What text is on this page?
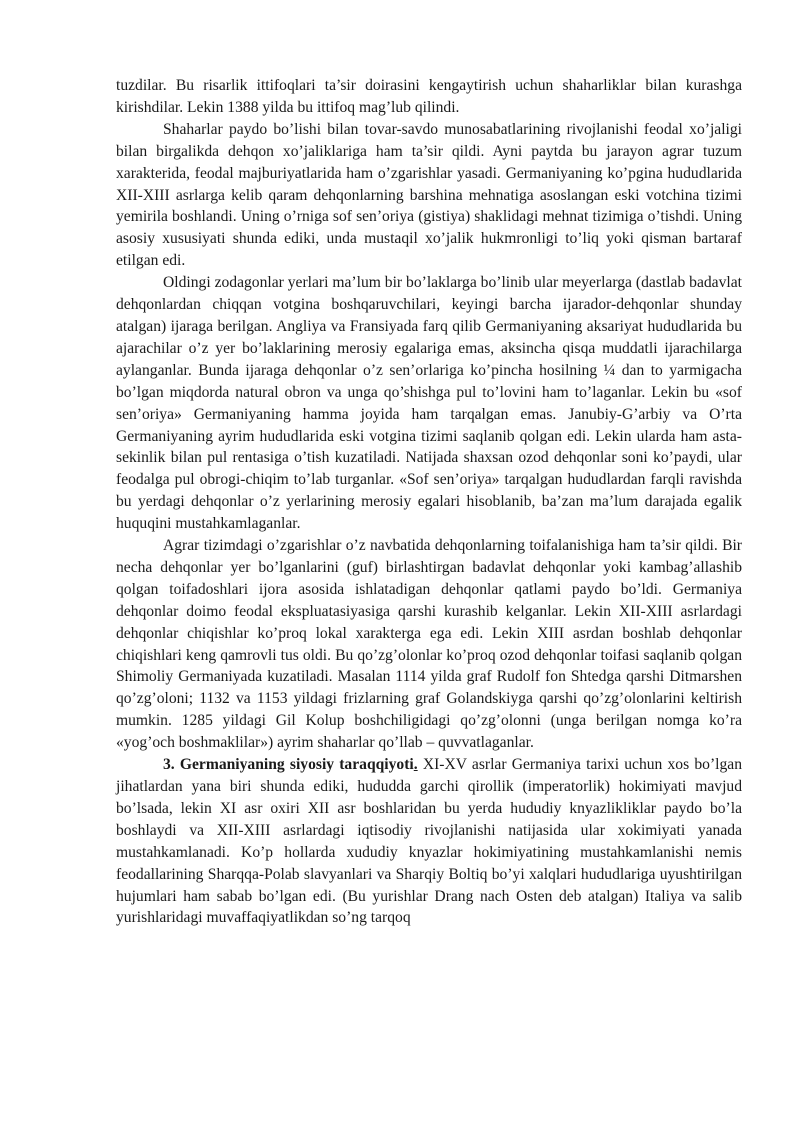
tuzdilar. Bu risarlik ittifoqlari ta’sir doirasini kengaytirish uchun shaharliklar bilan kurashga kirishdilar. Lekin 1388 yilda bu ittifoq mag’lub qilindi.

Shaharlar paydo bo’lishi bilan tovar-savdo munosabatlarining rivojlanishi feodal xo’jaligi bilan birgalikda dehqon xo’jaliklariga ham ta’sir qildi. Ayni paytda bu jarayon agrar tuzum xarakterida, feodal majburiyatlarida ham o’zgarishlar yasadi. Germaniyaning ko’pgina hududlarida XII-XIII asrlarga kelib qaram dehqonlarning barshina mehnatiga asoslangan eski votchina tizimi yemirila boshlandi. Uning o’rniga sof sen’oriya (gistiya) shaklidagi mehnat tizimiga o’tishdi. Uning asosiy xususiyati shunda ediki, unda mustaqil xo’jalik hukmronligi to’liq yoki qisman bartaraf etilgan edi.

Oldingi zodagonlar yerlari ma’lum bir bo’laklarga bo’linib ular meyerlarga (dastlab badavlat dehqonlardan chiqqan votgina boshqaruvchilari, keyingi barcha ijarador-dehqonlar shunday atalgan) ijaraga berilgan. Angliya va Fransiyada farq qilib Germaniyaning aksariyat hududlarida bu ajarachilar o’z yer bo’laklarining merosiy egalariga emas, aksincha qisqa muddatli ijarachilarga aylanganlar. Bunda ijaraga dehqonlar o’z sen’orlariga ko’pincha hosilning ¼ dan to yarmigacha bo’lgan miqdorda natural obron va unga qo’shishga pul to’lovini ham to’laganlar. Lekin bu «sof sen’oriya» Germaniyaning hamma joyida ham tarqalgan emas. Janubiy-G’arbiy va O’rta Germaniyaning ayrim hududlarida eski votgina tizimi saqlanib qolgan edi. Lekin ularda ham asta-sekinlik bilan pul rentasiga o’tish kuzatiladi. Natijada shaxsan ozod dehqonlar soni ko’paydi, ular feodalga pul obrogi-chiqim to’lab turganlar. «Sof sen’oriya» tarqalgan hududlardan farqli ravishda bu yerdagi dehqonlar o’z yerlarining merosiy egalari hisoblanib, ba’zan ma’lum darajada egalik huquqini mustahkamlaganlar.

Agrar tizimdagi o’zgarishlar o’z navbatida dehqonlarning toifalanishiga ham ta’sir qildi. Bir necha dehqonlar yer bo’lganlarini (guf) birlashtirgan badavlat dehqonlar yoki kambag’allashib qolgan toifadoshlari ijora asosida ishlatadigan dehqonlar qatlami paydo bo’ldi. Germaniya dehqonlar doimo feodal ekspluatasiyasiga qarshi kurashib kelganlar. Lekin XII-XIII asrlardagi dehqonlar chiqishlar ko’proq lokal xarakterga ega edi. Lekin XIII asrdan boshlab dehqonlar chiqishlari keng qamrovli tus oldi. Bu qo’zg’olonlar ko’proq ozod dehqonlar toifasi saqlanib qolgan Shimoliy Germaniyada kuzatiladi. Masalan 1114 yilda graf Rudolf fon Shtedga qarshi Ditmarshen qo’zg’oloni; 1132 va 1153 yildagi frizlarning graf Golandskiyga qarshi qo’zg’olonlarini keltirish mumkin. 1285 yildagi Gil Kolup boshchiligidagi qo’zg’olonni (unga berilgan nomga ko’ra «yog’och boshmaklilar») ayrim shaharlar qo’llab – quvvatlaganlar.

3. Germaniyaning siyosiy taraqqiyoti. XI-XV asrlar Germaniya tarixi uchun xos bo’lgan jihatlardan yana biri shunda ediki, hududda garchi qirollik (imperatorlik) hokimiyati mavjud bo’lsada, lekin XI asr oxiri XII asr boshlaridan bu yerda hududiy knyazlikliklar paydo bo’la boshlaydi va XII-XIII asrlardagi iqtisodiy rivojlanishi natijasida ular xokimiyati yanada mustahkamlanadi. Ko’p hollarda xududiy knyazlar hokimiyatining mustahkamlanishi nemis feodallarining Sharqqa-Polab slavyanlari va Sharqiy Boltiq bo’yi xalqlari hududlariga uyushtirilgan hujumlari ham sabab bo’lgan edi. (Bu yurishlar Drang nach Osten deb atalgan) Italiya va salib yurishlaridagi muvaffaqiyatlikdan so’ng tarqoq
